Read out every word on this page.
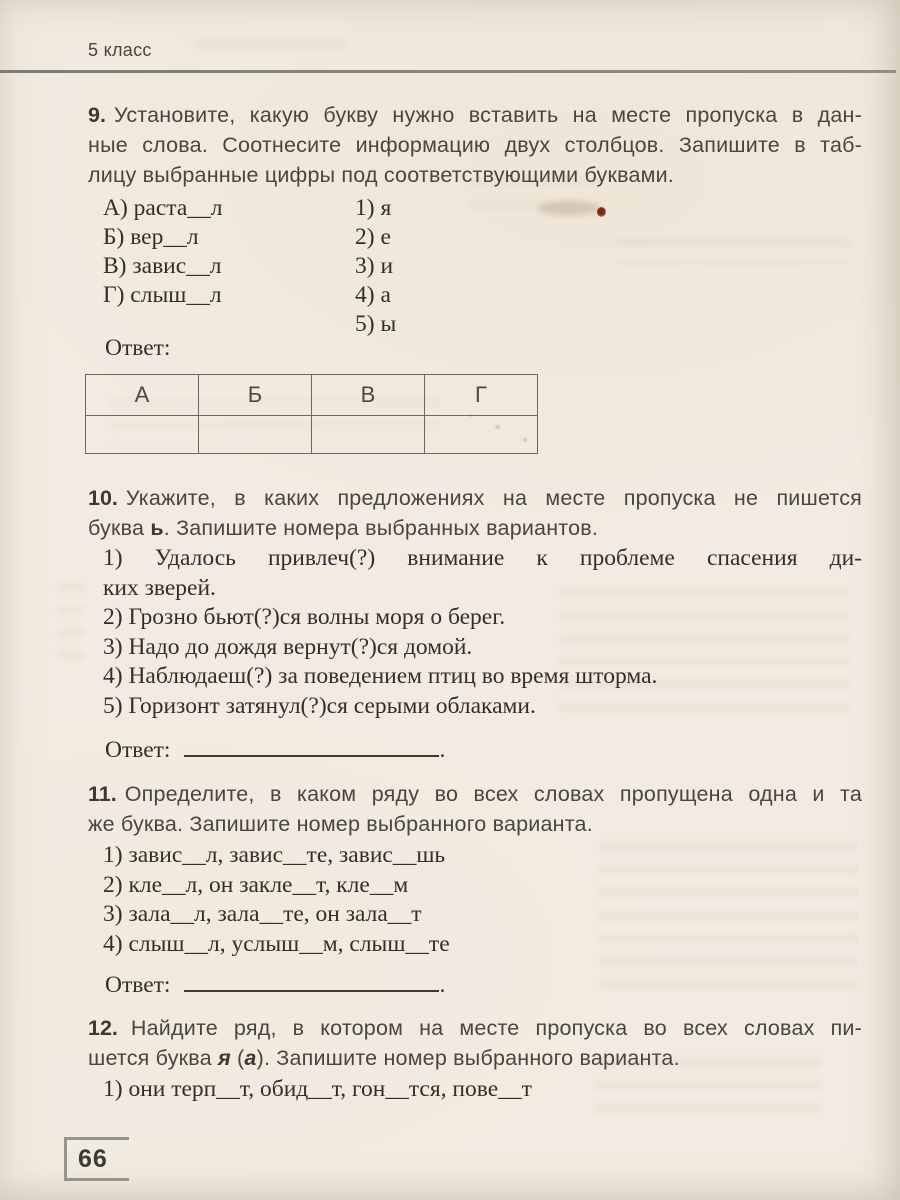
5 класс
9. Установите, какую букву нужно вставить на месте пропуска в дан-
ные слова. Соотнесите информацию двух столбцов. Запишите в таб-
лицу выбранные цифры под соответствующими буквами.
А) раста__л
Б) вер__л
В) завис__л
Г) слыш__л
1) я
2) е
3) и
4) а
5) ы
Ответ:
А	Б	В	Г

10. Укажите, в каких предложениях на месте пропуска не пишется
буква ь. Запишите номера выбранных вариантов.
1) Удалось привлеч(?) внимание к проблеме спасения ди-
ких зверей.
2) Грозно бьют(?)ся волны моря о берег.
3) Надо до дождя вернут(?)ся домой.
4) Наблюдаеш(?) за поведением птиц во время шторма.
5) Горизонт затянул(?)ся серыми облаками.
Ответ:	.
11. Определите, в каком ряду во всех словах пропущена одна и та
же буква. Запишите номер выбранного варианта.
1) завис__л, завис__те, завис__шь
2) кле__л, он закле__т, кле__м
3) зала__л, зала__те, он зала__т
4) слыш__л, услыш__м, слыш__те
Ответ:	.
12. Найдите ряд, в котором на месте пропуска во всех словах пи-
шется буква я (а). Запишите номер выбранного варианта.
1) они терп__т, обид__т, гон__тся, пове__т
66
